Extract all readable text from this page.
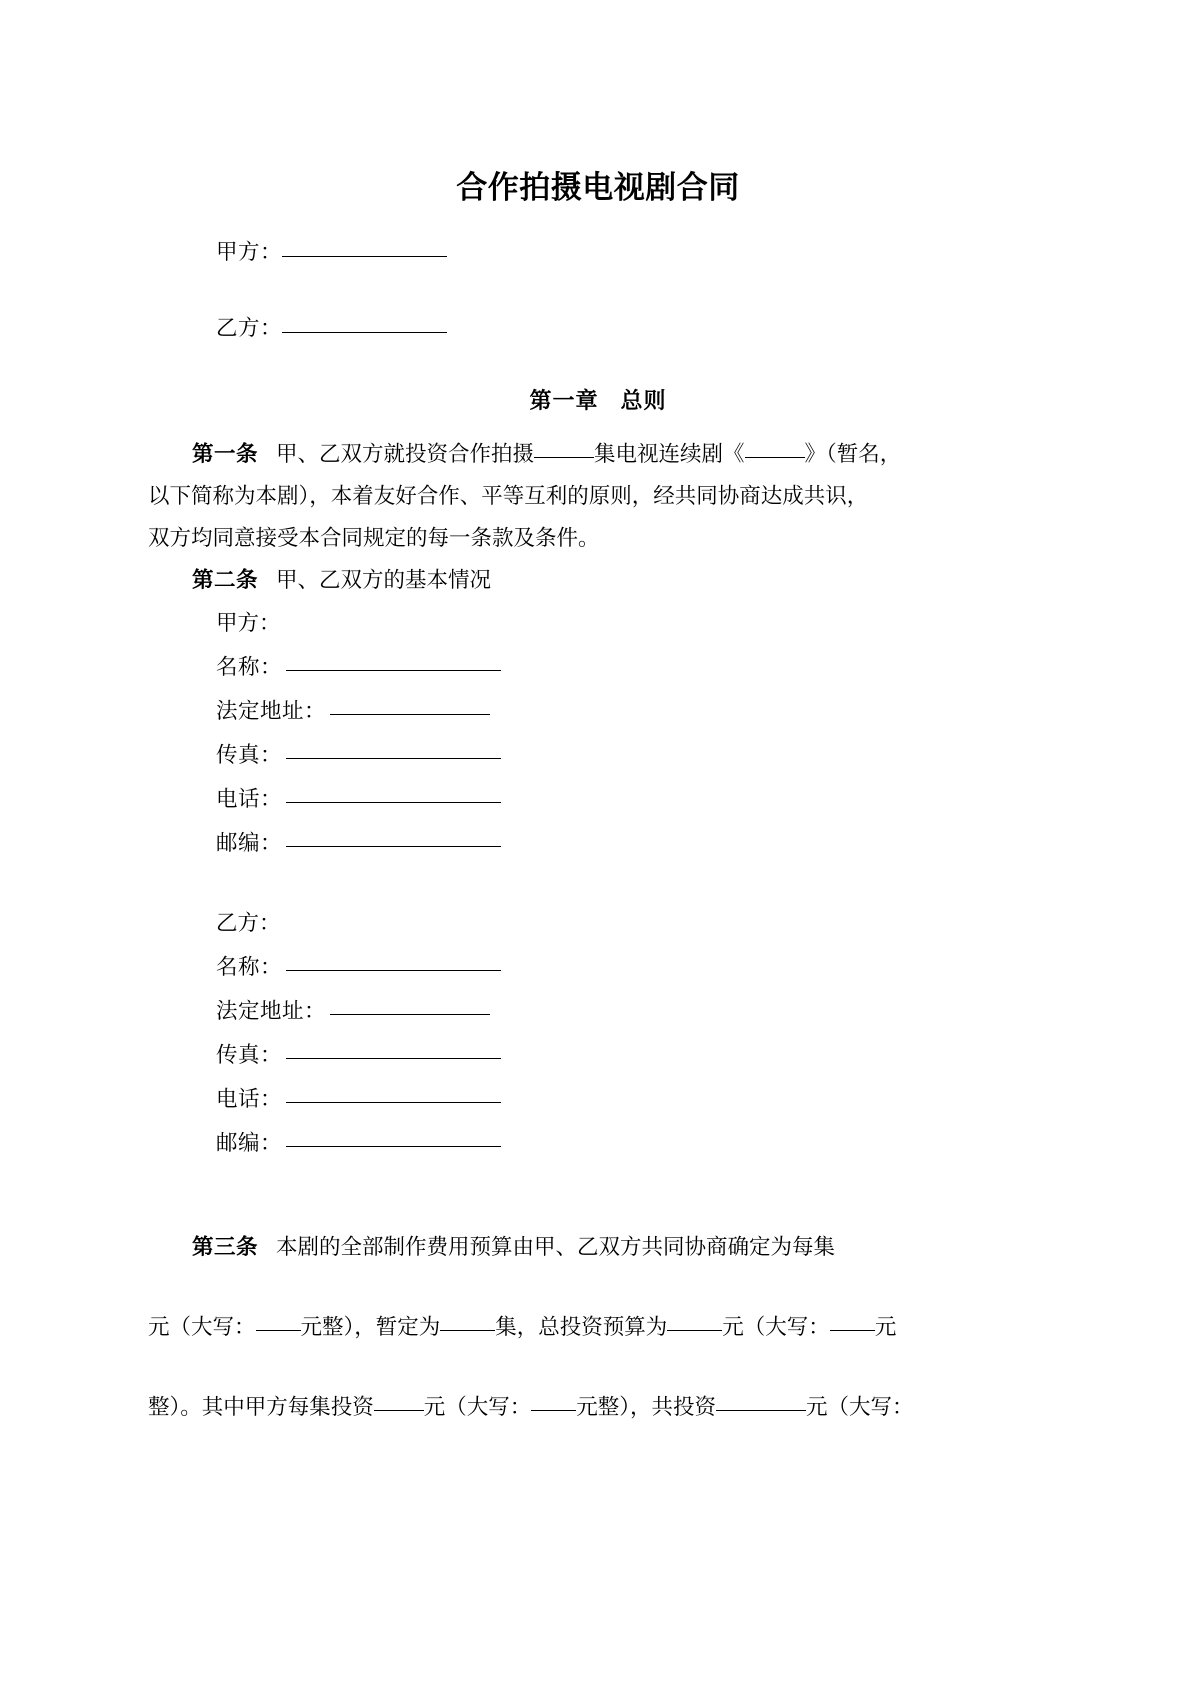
合作拍摄电视剧合同

甲方：

乙方：

第一章 总则

第一条 甲、乙双方就投资合作拍摄	集电视连续剧《	》（暂名，

以下简称为本剧），本着友好合作、平等互利的原则，经共同协商达成共识，

双方均同意接受本合同规定的每一条款及条件。

第二条 甲、乙双方的基本情况

甲方：

名称：

法定地址：

传真：

电话：

邮编：

乙方：

名称：

法定地址：

传真：

电话：

邮编：

第三条 本剧的全部制作费用预算由甲、乙双方共同协商确定为每集

元（大写： 元整），暂定为	集，总投资预算为	元（大写： 元

整）。其中甲方每集投资 元（大写： 元整），共投资	元（大写：
